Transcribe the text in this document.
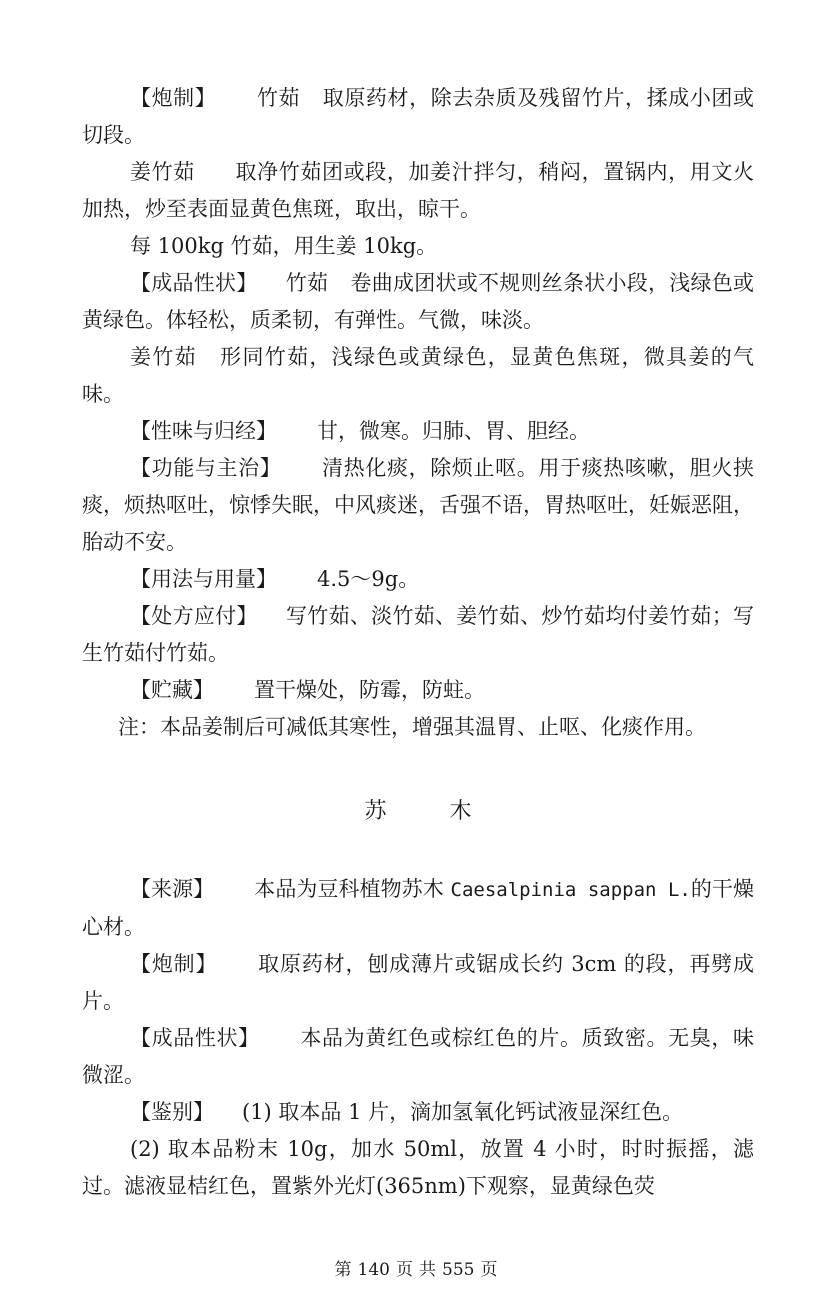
【炮制】 竹茹 取原药材，除去杂质及残留竹片，揉成小团或切段。

姜竹茹 取净竹茹团或段，加姜汁拌匀，稍闷，置锅内，用文火加热，炒至表面显黄色焦斑，取出，晾干。

每 100kg 竹茹，用生姜 10kg。

【成品性状】 竹茹 卷曲成团状或不规则丝条状小段，浅绿色或黄绿色。体轻松，质柔韧，有弹性。气微，味淡。

姜竹茹 形同竹茹，浅绿色或黄绿色，显黄色焦斑，微具姜的气味。

【性味与归经】 甘，微寒。归肺、胃、胆经。

【功能与主治】 清热化痰，除烦止呕。用于痰热咳嗽，胆火挟痰，烦热呕吐，惊悸失眠，中风痰迷，舌强不语，胃热呕吐，妊娠恶阻，胎动不安。

【用法与用量】 4.5～9g。

【处方应付】 写竹茹、淡竹茹、姜竹茹、炒竹茹均付姜竹茹；写生竹茹付竹茹。

【贮藏】 置干燥处，防霉，防蛀。

注：本品姜制后可减低其寒性，增强其温胃、止呕、化痰作用。

苏 木

【来源】 本品为豆科植物苏木 Caesalpinia sappan L.的干燥心材。

【炮制】 取原药材，刨成薄片或锯成长约 3cm 的段，再劈成片。

【成品性状】 本品为黄红色或棕红色的片。质致密。无臭，味微涩。

【鉴别】 (1) 取本品 1 片，滴加氢氧化钙试液显深红色。

(2) 取本品粉末 10g，加水 50ml，放置 4 小时，时时振摇，滤过。滤液显桔红色，置紫外光灯(365nm)下观察，显黄绿色荧

第 140 页 共 555 页
